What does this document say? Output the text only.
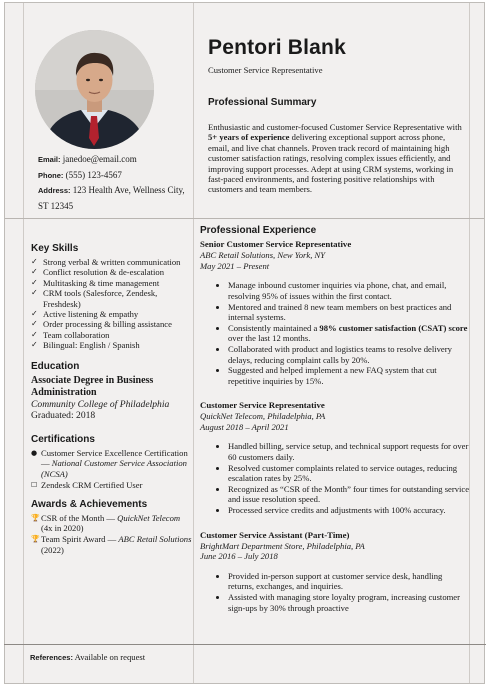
Email: janedoe@email.com
Phone: (555) 123-4567
Address: 123 Health Ave, Wellness City, ST 12345
Pentori Blank
Customer Service Representative
Professional Summary

Enthusiastic and customer-focused Customer Service Representative with 5+ years of experience delivering exceptional support across phone, email, and live chat channels. Proven track record of maintaining high customer satisfaction ratings, resolving complex issues efficiently, and improving support processes. Adept at using CRM systems, working in fast-paced environments, and fostering positive relationships with customers and team members.

Key Skills
✓ Strong verbal & written communication
✓ Conflict resolution & de-escalation
✓ Multitasking & time management
✓ CRM tools (Salesforce, Zendesk, Freshdesk)
✓ Active listening & empathy
✓ Order processing & billing assistance
✓ Team collaboration
✓ Bilingual: English / Spanish
Education
Associate Degree in Business Administration
Community College of Philadelphia
Graduated: 2018
Certifications
● Customer Service Excellence Certification — National Customer Service Association (NCSA)
☐ Zendesk CRM Certified User
Awards & Achievements
🏆 CSR of the Month — QuickNet Telecom (4x in 2020)
🏆 Team Spirit Award — ABC Retail Solutions (2022)
Professional Experience
Senior Customer Service Representative
ABC Retail Solutions, New York, NY
May 2021 – Present
• Manage inbound customer inquiries via phone, chat, and email, resolving 95% of issues within the first contact.
• Mentored and trained 8 new team members on best practices and internal systems.
• Consistently maintained a 98% customer satisfaction (CSAT) score over the last 12 months.
• Collaborated with product and logistics teams to resolve delivery delays, reducing complaint calls by 20%.
• Suggested and helped implement a new FAQ system that cut repetitive inquiries by 15%.
Customer Service Representative
QuickNet Telecom, Philadelphia, PA
August 2018 – April 2021
• Handled billing, service setup, and technical support requests for over 60 customers daily.
• Resolved customer complaints related to service outages, reducing escalation rates by 25%.
• Recognized as “CSR of the Month” four times for outstanding service and issue resolution speed.
• Processed service credits and adjustments with 100% accuracy.
Customer Service Assistant (Part-Time)
BrightMart Department Store, Philadelphia, PA
June 2016 – July 2018
• Provided in-person support at customer service desk, handling returns, exchanges, and inquiries.
• Assisted with managing store loyalty program, increasing customer sign-ups by 30% through proactive
References: Available on request
